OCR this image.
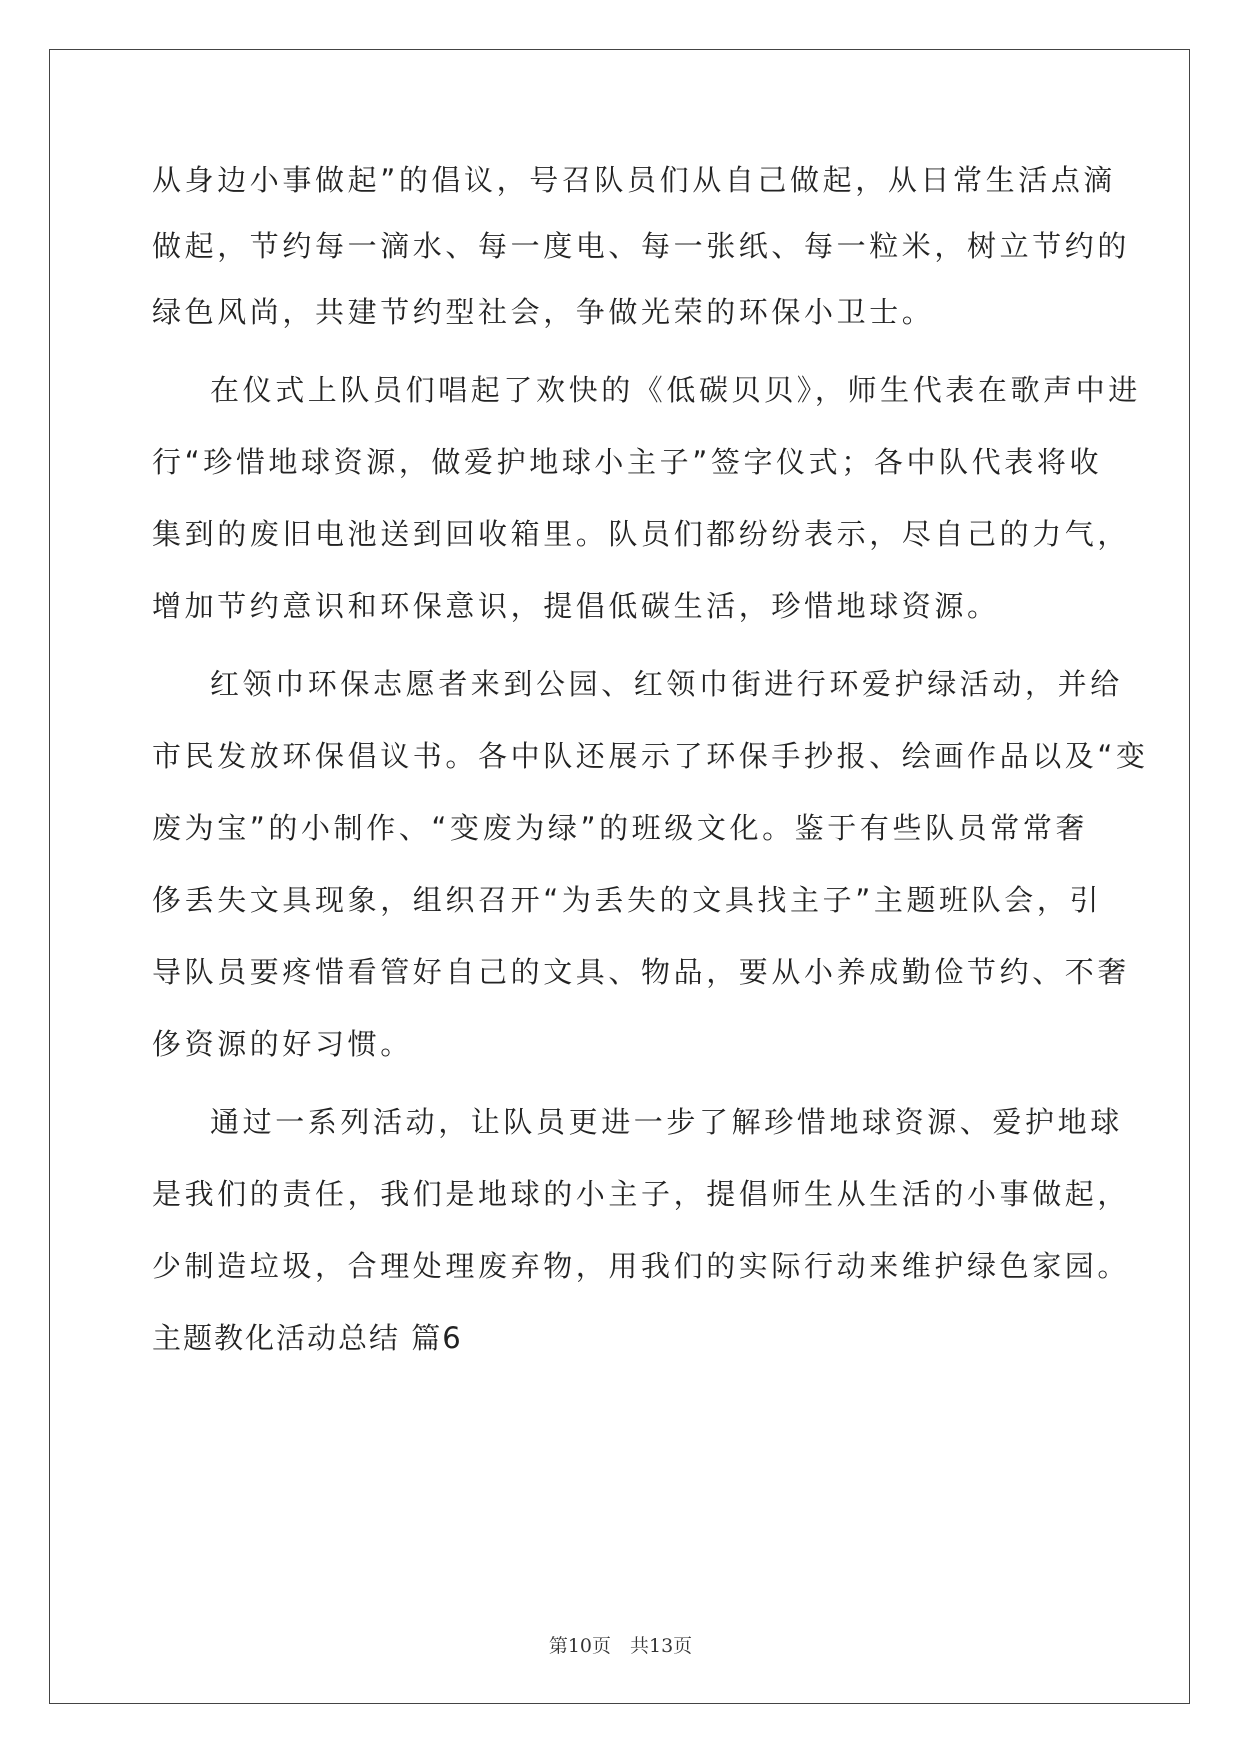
从身边小事做起”的倡议，号召队员们从自己做起，从日常生活点滴
做起，节约每一滴水、每一度电、每一张纸、每一粒米，树立节约的
绿色风尚，共建节约型社会，争做光荣的环保小卫士。
在仪式上队员们唱起了欢快的《低碳贝贝》，师生代表在歌声中进
行“珍惜地球资源，做爱护地球小主子”签字仪式；各中队代表将收
集到的废旧电池送到回收箱里。队员们都纷纷表示，尽自己的力气，
增加节约意识和环保意识，提倡低碳生活，珍惜地球资源。
红领巾环保志愿者来到公园、红领巾街进行环爱护绿活动，并给
市民发放环保倡议书。各中队还展示了环保手抄报、绘画作品以及“变
废为宝”的小制作、“变废为绿”的班级文化。鉴于有些队员常常奢
侈丢失文具现象，组织召开“为丢失的文具找主子”主题班队会，引
导队员要疼惜看管好自己的文具、物品，要从小养成勤俭节约、不奢
侈资源的好习惯。
通过一系列活动，让队员更进一步了解珍惜地球资源、爱护地球
是我们的责任，我们是地球的小主子，提倡师生从生活的小事做起，
少制造垃圾，合理处理废弃物，用我们的实际行动来维护绿色家园。
主题教化活动总结 篇6
第10页　共13页
